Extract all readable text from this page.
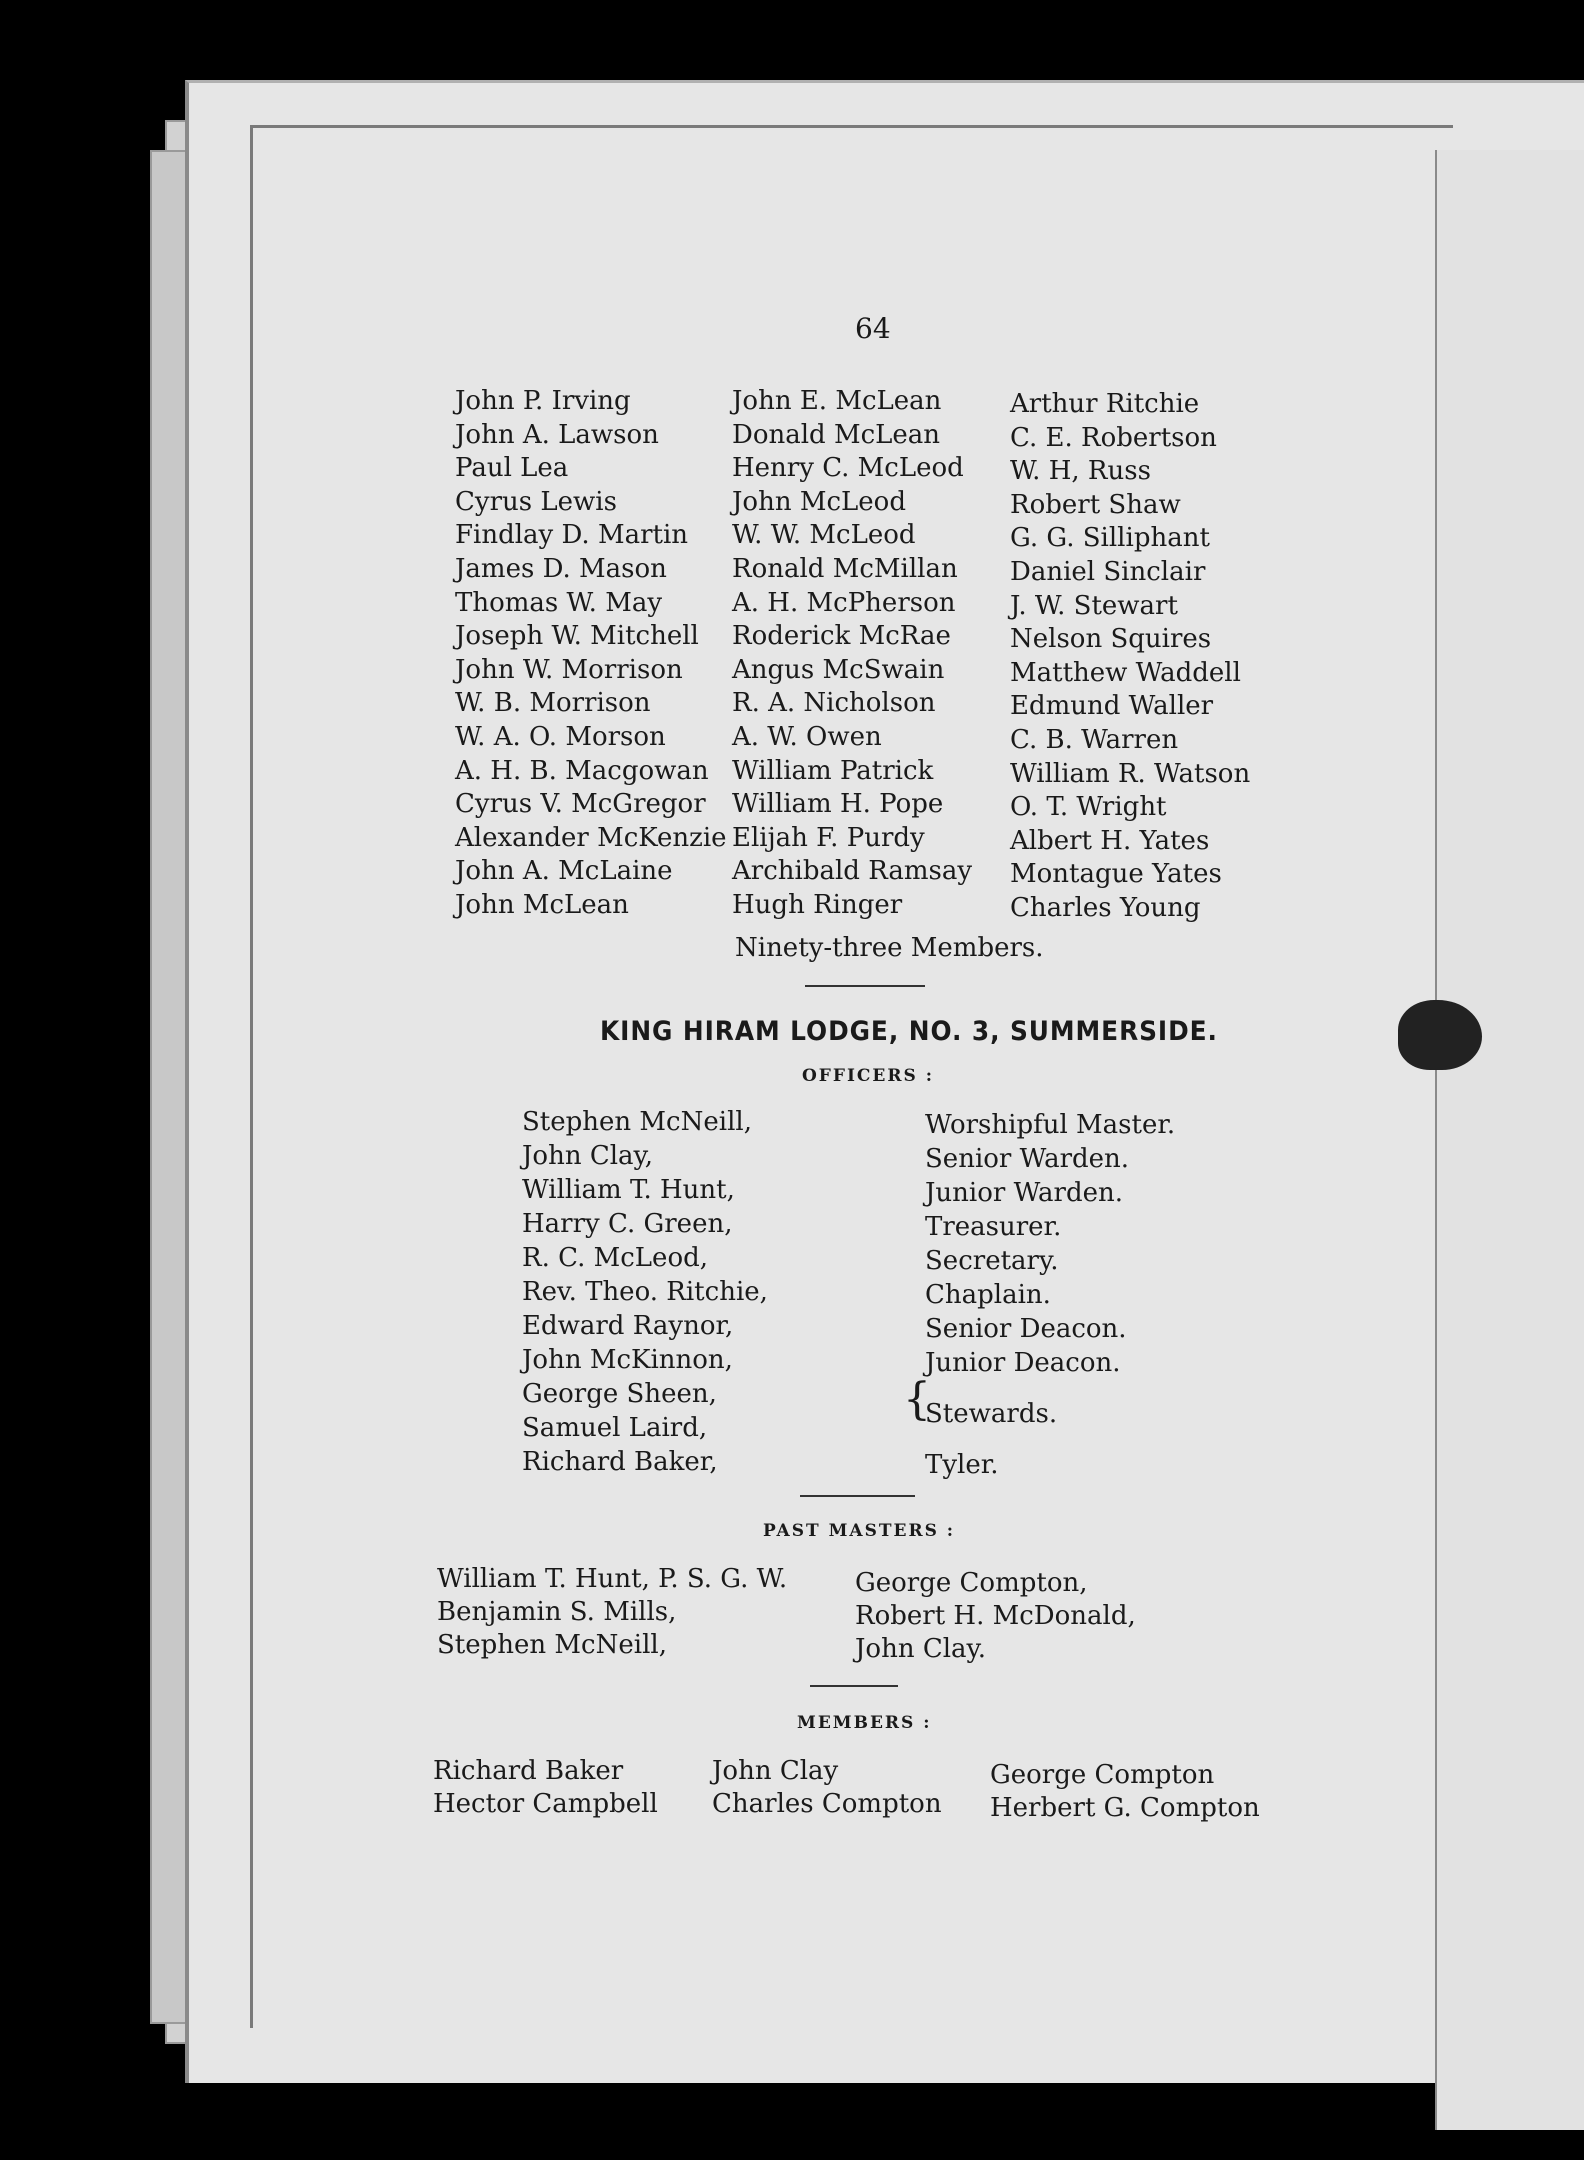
64
John P. Irving
John A. Lawson
Paul Lea
Cyrus Lewis
Findlay D. Martin
James D. Mason
Thomas W. May
Joseph W. Mitchell
John W. Morrison
W. B. Morrison
W. A. O. Morson
A. H. B. Macgowan
Cyrus V. McGregor
Alexander McKenzie
John A. McLaine
John McLean
John E. McLean
Donald McLean
Henry C. McLeod
John McLeod
W. W. McLeod
Ronald McMillan
A. H. McPherson
Roderick McRae
Angus McSwain
R. A. Nicholson
A. W. Owen
William Patrick
William H. Pope
Elijah F. Purdy
Archibald Ramsay
Hugh Ringer
Arthur Ritchie
C. E. Robertson
W. H, Russ
Robert Shaw
G. G. Silliphant
Daniel Sinclair
J. W. Stewart
Nelson Squires
Matthew Waddell
Edmund Waller
C. B. Warren
William R. Watson
O. T. Wright
Albert H. Yates
Montague Yates
Charles Young
Ninety-three Members.
KING HIRAM LODGE, NO. 3, SUMMERSIDE.
OFFICERS :
Stephen McNeill,
John Clay,
William T. Hunt,
Harry C. Green,
R. C. McLeod,
Rev. Theo. Ritchie,
Edward Raynor,
John McKinnon,
George Sheen,
Samuel Laird,
Richard Baker,
Worshipful Master.
Senior Warden.
Junior Warden.
Treasurer.
Secretary.
Chaplain.
Senior Deacon.
Junior Deacon.
Stewards.
Tyler.
{
PAST MASTERS :
William T. Hunt, P. S. G. W.
Benjamin S. Mills,
Stephen McNeill,
George Compton,
Robert H. McDonald,
John Clay.
MEMBERS :
Richard Baker
Hector Campbell
John Clay
Charles Compton
George Compton
Herbert G. Compton
